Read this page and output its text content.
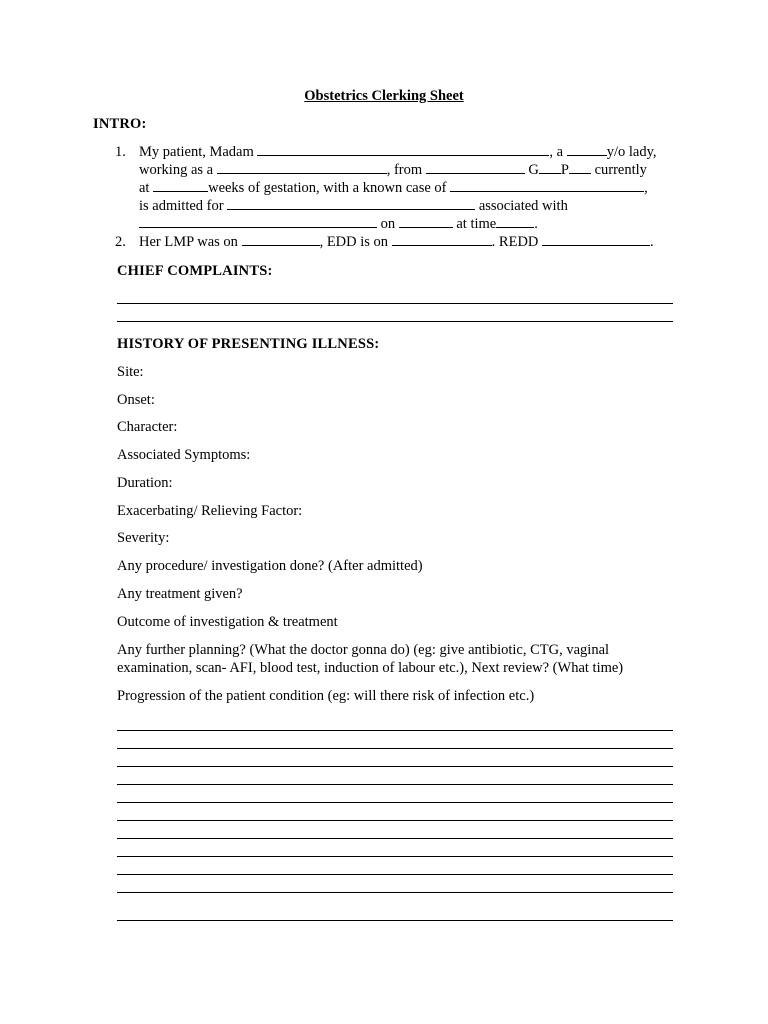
Obstetrics Clerking Sheet
INTRO:
1. My patient, Madam	, a	y/o lady,
working as a	, from	G P currently
at	weeks of gestation, with a known case of	,
is admitted for	associated with
on	at time	.
2. Her LMP was on	, EDD is on	. REDD	.
CHIEF COMPLAINTS:
HISTORY OF PRESENTING ILLNESS:
Site:
Onset:
Character:
Associated Symptoms:
Duration:
Exacerbating/ Relieving Factor:
Severity:
Any procedure/ investigation done? (After admitted)
Any treatment given?
Outcome of investigation & treatment
Any further planning? (What the doctor gonna do) (eg: give antibiotic, CTG, vaginal examination, scan- AFI, blood test, induction of labour etc.), Next review? (What time)
Progression of the patient condition (eg: will there risk of infection etc.)
